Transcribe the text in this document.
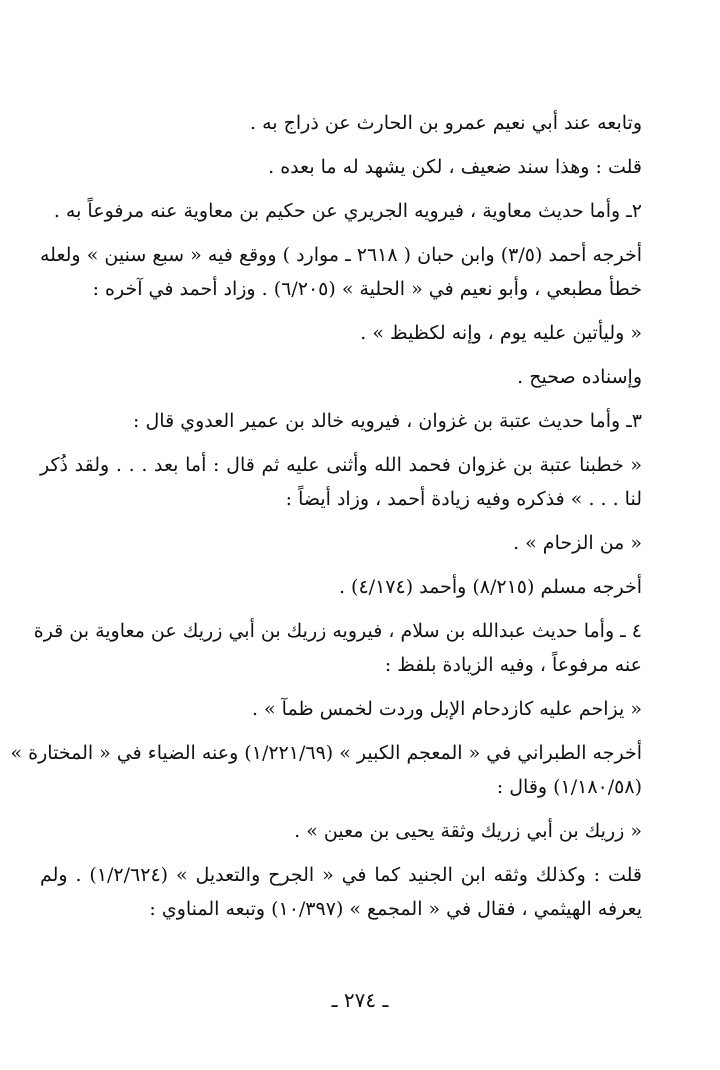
وتابعه عند أبي نعيم عمرو بن الحارث عن ذراج به .
قلت : وهذا سند ضعيف ، لكن يشهد له ما بعده .
٢ـ وأما حديث معاوية ، فيرويه الجريري عن حكيم بن معاوية عنه مرفوعاً به .
أخرجه أحمد (٣/٥) وابن حبان ( ٢٦١٨ ـ موارد ) ووقع فيه « سبع سنين » ولعله
خطأ مطبعي ، وأبو نعيم في « الحلية » (٦/٢٠٥) . وزاد أحمد في آخره :
« وليأتين عليه يوم ، وإنه لكظيظ » .
وإسناده صحيح .
٣ـ وأما حديث عتبة بن غزوان ، فيرويه خالد بن عمير العدوي قال :
« خطبنا عتبة بن غزوان فحمد الله وأثنى عليه ثم قال : أما بعد . . . ولقد ذُكر
لنا . . . » فذكره وفيه زيادة أحمد ، وزاد أيضاً :
« من الزحام » .
أخرجه مسلم (٨/٢١٥) وأحمد (٤/١٧٤) .
٤ ـ وأما حديث عبدالله بن سلام ، فيرويه زريك بن أبي زريك عن معاوية بن قرة
عنه مرفوعاً ، وفيه الزيادة بلفظ :
« يزاحم عليه كازدحام الإبل وردت لخمس ظمآ » .
أخرجه الطبراني في « المعجم الكبير » (١/٢٢١/٦٩) وعنه الضياء في « المختارة »
(١/١٨٠/٥٨) وقال :
« زريك بن أبي زريك وثقة يحيى بن معين » .
قلت : وكذلك وثقه ابن الجنيد كما في « الجرح والتعديل » (١/٢/٦٢٤) . ولم
يعرفه الهيثمي ، فقال في « المجمع » (١٠/٣٩٧) وتبعه المناوي :
ـ ٢٧٤ ـ
